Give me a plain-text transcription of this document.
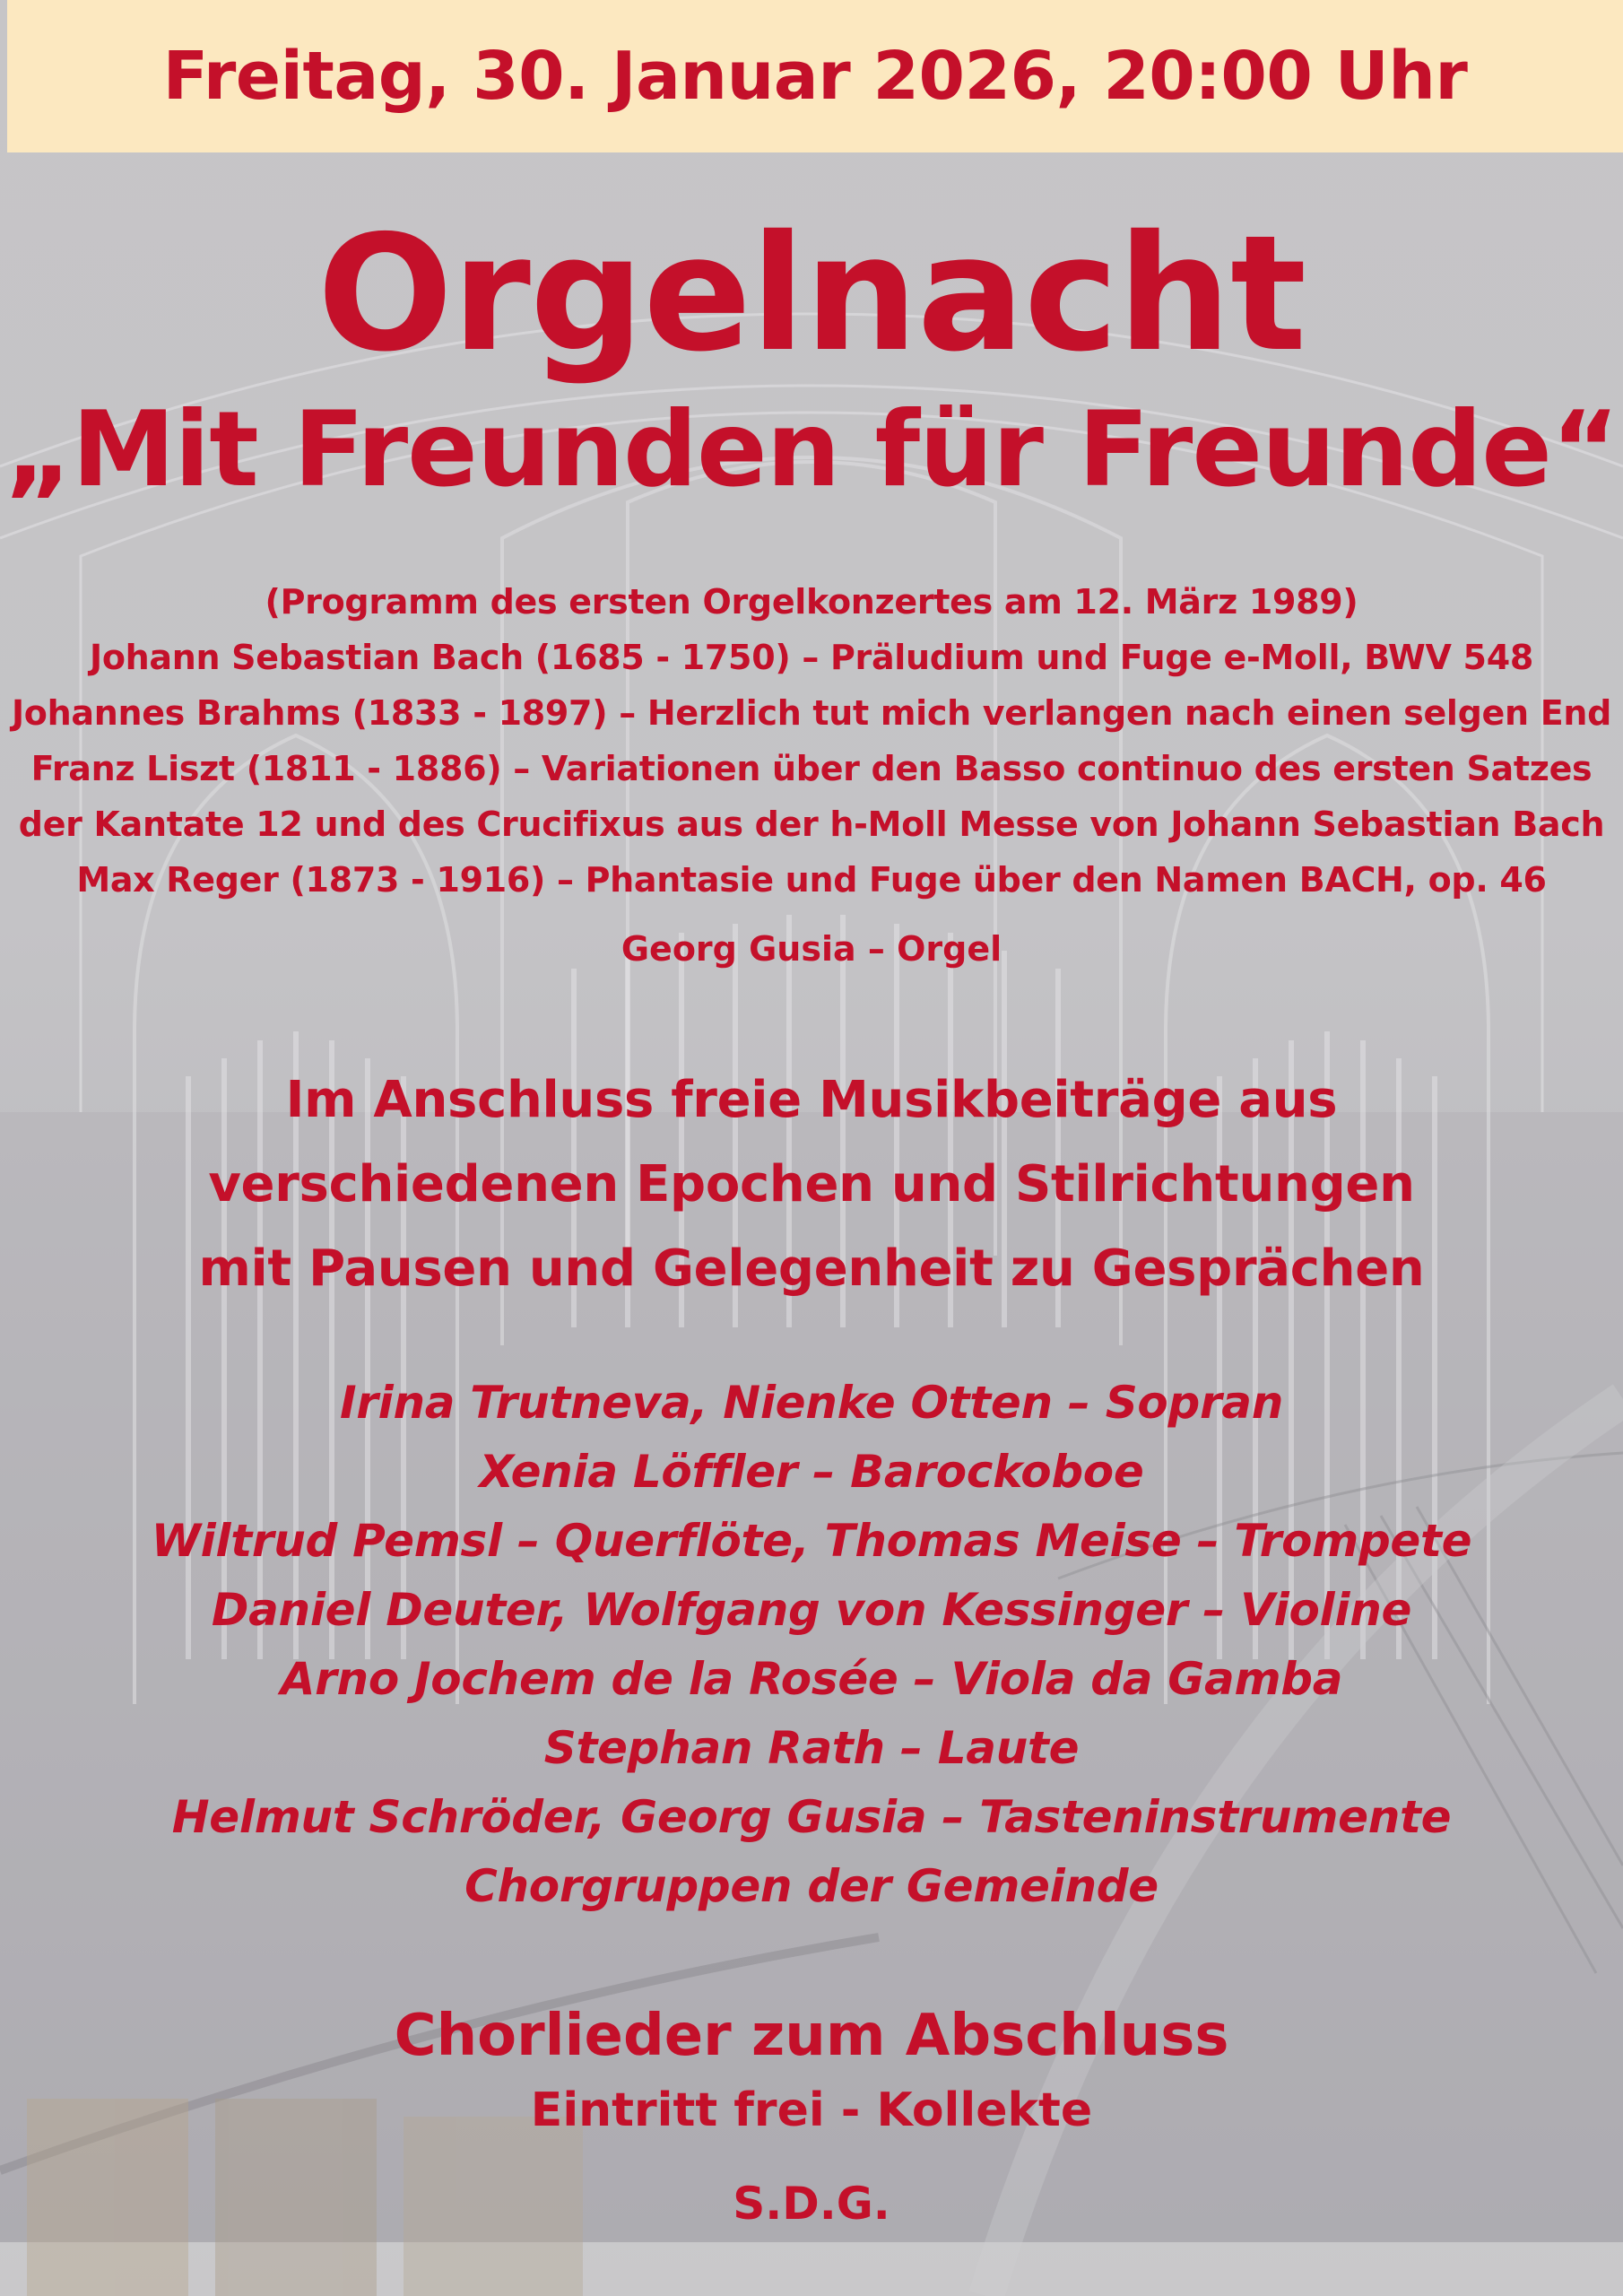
Freitag, 30. Januar 2026, 20:00 Uhr
Orgelnacht
„Mit Freunden für Freunde“
(Programm des ersten Orgelkonzertes am 12. März 1989)
Johann Sebastian Bach (1685 - 1750) – Präludium und Fuge e-Moll, BWV 548
Johannes Brahms (1833 - 1897) – Herzlich tut mich verlangen nach einen selgen End
Franz Liszt (1811 - 1886) – Variationen über den Basso continuo des ersten Satzes
der Kantate 12 und des Crucifixus aus der h-Moll Messe von Johann Sebastian Bach
Max Reger (1873 - 1916) – Phantasie und Fuge über den Namen BACH, op. 46
Georg Gusia – Orgel
Im Anschluss freie Musikbeiträge aus
verschiedenen Epochen und Stilrichtungen
mit Pausen und Gelegenheit zu Gesprächen
Irina Trutneva, Nienke Otten – Sopran
Xenia Löffler – Barockoboe
Wiltrud Pemsl – Querflöte, Thomas Meise – Trompete
Daniel Deuter, Wolfgang von Kessinger – Violine
Arno Jochem de la Rosée – Viola da Gamba
Stephan Rath – Laute
Helmut Schröder, Georg Gusia – Tasteninstrumente
Chorgruppen der Gemeinde
Chorlieder zum Abschluss
Eintritt frei - Kollekte
S.D.G.
